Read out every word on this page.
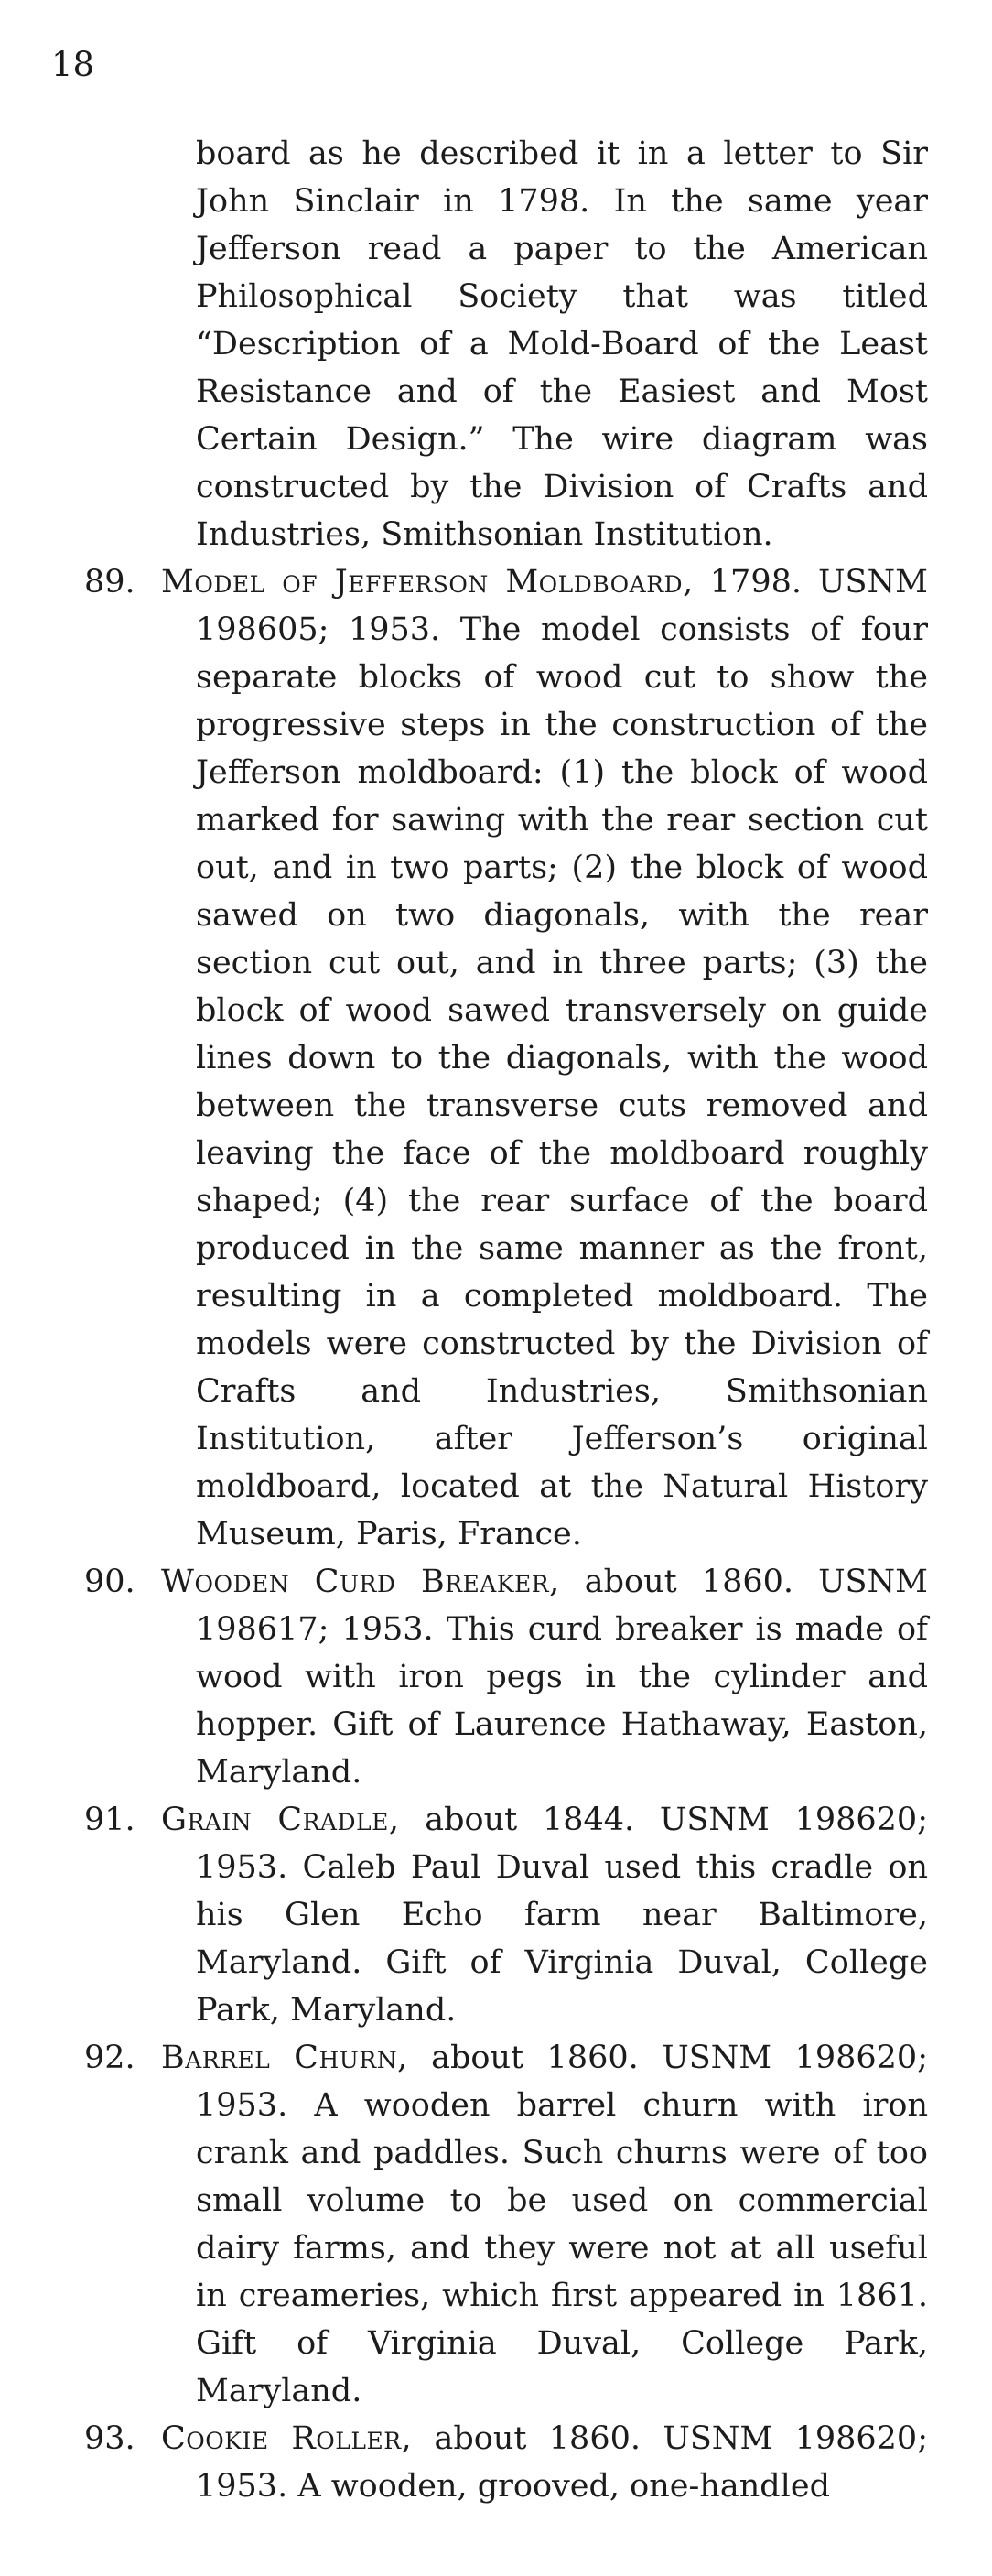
18
board as he described it in a letter to Sir John Sinclair in 1798. In the same year Jefferson read a paper to the American Philosophical Society that was titled “Description of a Mold-Board of the Least Resistance and of the Easiest and Most Certain Design.” The wire diagram was constructed by the Division of Crafts and Industries, Smithsonian Institution.
89. Model of Jefferson Moldboard, 1798. USNM 198605; 1953. The model consists of four separate blocks of wood cut to show the progressive steps in the construction of the Jefferson moldboard: (1) the block of wood marked for sawing with the rear section cut out, and in two parts; (2) the block of wood sawed on two diagonals, with the rear section cut out, and in three parts; (3) the block of wood sawed transversely on guide lines down to the diagonals, with the wood between the transverse cuts removed and leaving the face of the moldboard roughly shaped; (4) the rear surface of the board produced in the same manner as the front, resulting in a completed moldboard. The models were constructed by the Division of Crafts and Industries, Smithsonian Institution, after Jefferson’s original moldboard, located at the Natural History Museum, Paris, France.
90. Wooden Curd Breaker, about 1860. USNM 198617; 1953. This curd breaker is made of wood with iron pegs in the cylinder and hopper. Gift of Laurence Hathaway, Easton, Maryland.
91. Grain Cradle, about 1844. USNM 198620; 1953. Caleb Paul Duval used this cradle on his Glen Echo farm near Baltimore, Maryland. Gift of Virginia Duval, College Park, Maryland.
92. Barrel Churn, about 1860. USNM 198620; 1953. A wooden barrel churn with iron crank and paddles. Such churns were of too small volume to be used on commercial dairy farms, and they were not at all useful in creameries, which first appeared in 1861. Gift of Virginia Duval, College Park, Maryland.
93. Cookie Roller, about 1860. USNM 198620; 1953. A wooden, grooved, one-handled
